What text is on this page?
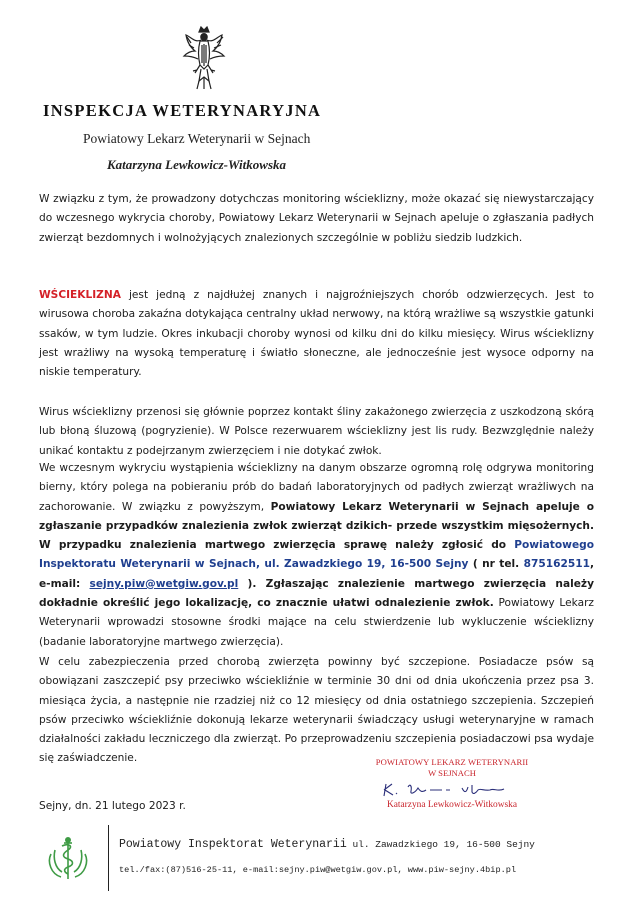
INSPEKCJA WETERYNARYJNA
Powiatowy Lekarz Weterynarii w Sejnach
Katarzyna Lewkowicz-Witkowska

W związku z tym, że prowadzony dotychczas monitoring wścieklizny, może okazać się niewystarczający do wczesnego wykrycia choroby, Powiatowy Lekarz Weterynarii w Sejnach apeluje o zgłaszania padłych zwierząt bezdomnych i wolnożyjących znalezionych szczególnie w pobliżu siedzib ludzkich.

WŚCIEKLIZNA jest jedną z najdłużej znanych i najgroźniejszych chorób odzwierzęcych. Jest to wirusowa choroba zakaźna dotykająca centralny układ nerwowy, na którą wrażliwe są wszystkie gatunki ssaków, w tym ludzie. Okres inkubacji choroby wynosi od kilku dni do kilku miesięcy. Wirus wścieklizny jest wrażliwy na wysoką temperaturę i światło słoneczne, ale jednocześnie jest wysoce odporny na niskie temperatury.

Wirus wścieklizny przenosi się głównie poprzez kontakt śliny zakażonego zwierzęcia z uszkodzoną skórą lub błoną śluzową (pogryzienie). W Polsce rezerwuarem wścieklizny jest lis rudy. Bezwzględnie należy unikać kontaktu z podejrzanym zwierzęciem i nie dotykać zwłok.

We wczesnym wykryciu wystąpienia wścieklizny na danym obszarze ogromną rolę odgrywa monitoring bierny, który polega na pobieraniu prób do badań laboratoryjnych od padłych zwierząt wrażliwych na zachorowanie. W związku z powyższym, Powiatowy Lekarz Weterynarii w Sejnach apeluje o zgłaszanie przypadków znalezienia zwłok zwierząt dzikich- przede wszystkim mięsożernych. W przypadku znalezienia martwego zwierzęcia sprawę należy zgłosić do Powiatowego Inspektoratu Weterynarii w Sejnach, ul. Zawadzkiego 19, 16-500 Sejny ( nr tel. 875162511, e-mail: sejny.piw@wetgiw.gov.pl ). Zgłaszając znalezienie martwego zwierzęcia należy dokładnie określić jego lokalizację, co znacznie ułatwi odnalezienie zwłok. Powiatowy Lekarz Weterynarii wprowadzi stosowne środki mające na celu stwierdzenie lub wykluczenie wścieklizny (badanie laboratoryjne martwego zwierzęcia).

W celu zabezpieczenia przed chorobą zwierzęta powinny być szczepione. Posiadacze psów są obowiązani zaszczepić psy przeciwko wściekliźnie w terminie 30 dni od dnia ukończenia przez psa 3. miesiąca życia, a następnie nie rzadziej niż co 12 miesięcy od dnia ostatniego szczepienia. Szczepień psów przeciwko wściekliźnie dokonują lekarze weterynarii świadczący usługi weterynaryjne w ramach działalności zakładu leczniczego dla zwierząt. Po przeprowadzeniu szczepienia posiadaczowi psa wydaje się zaświadczenie.	POWIATOWY LEKARZ WETERYNARII
W SEJNACH
Katarzyna Lewkowicz-Witkowska
Sejny, dn. 21 lutego 2023 r.
Powiatowy Inspektorat Weterynarii ul. Zawadzkiego 19, 16-500 Sejny
tel./fax:(87)516-25-11, e-mail:sejny.piw@wetgiw.gov.pl, www.piw-sejny.4bip.pl
